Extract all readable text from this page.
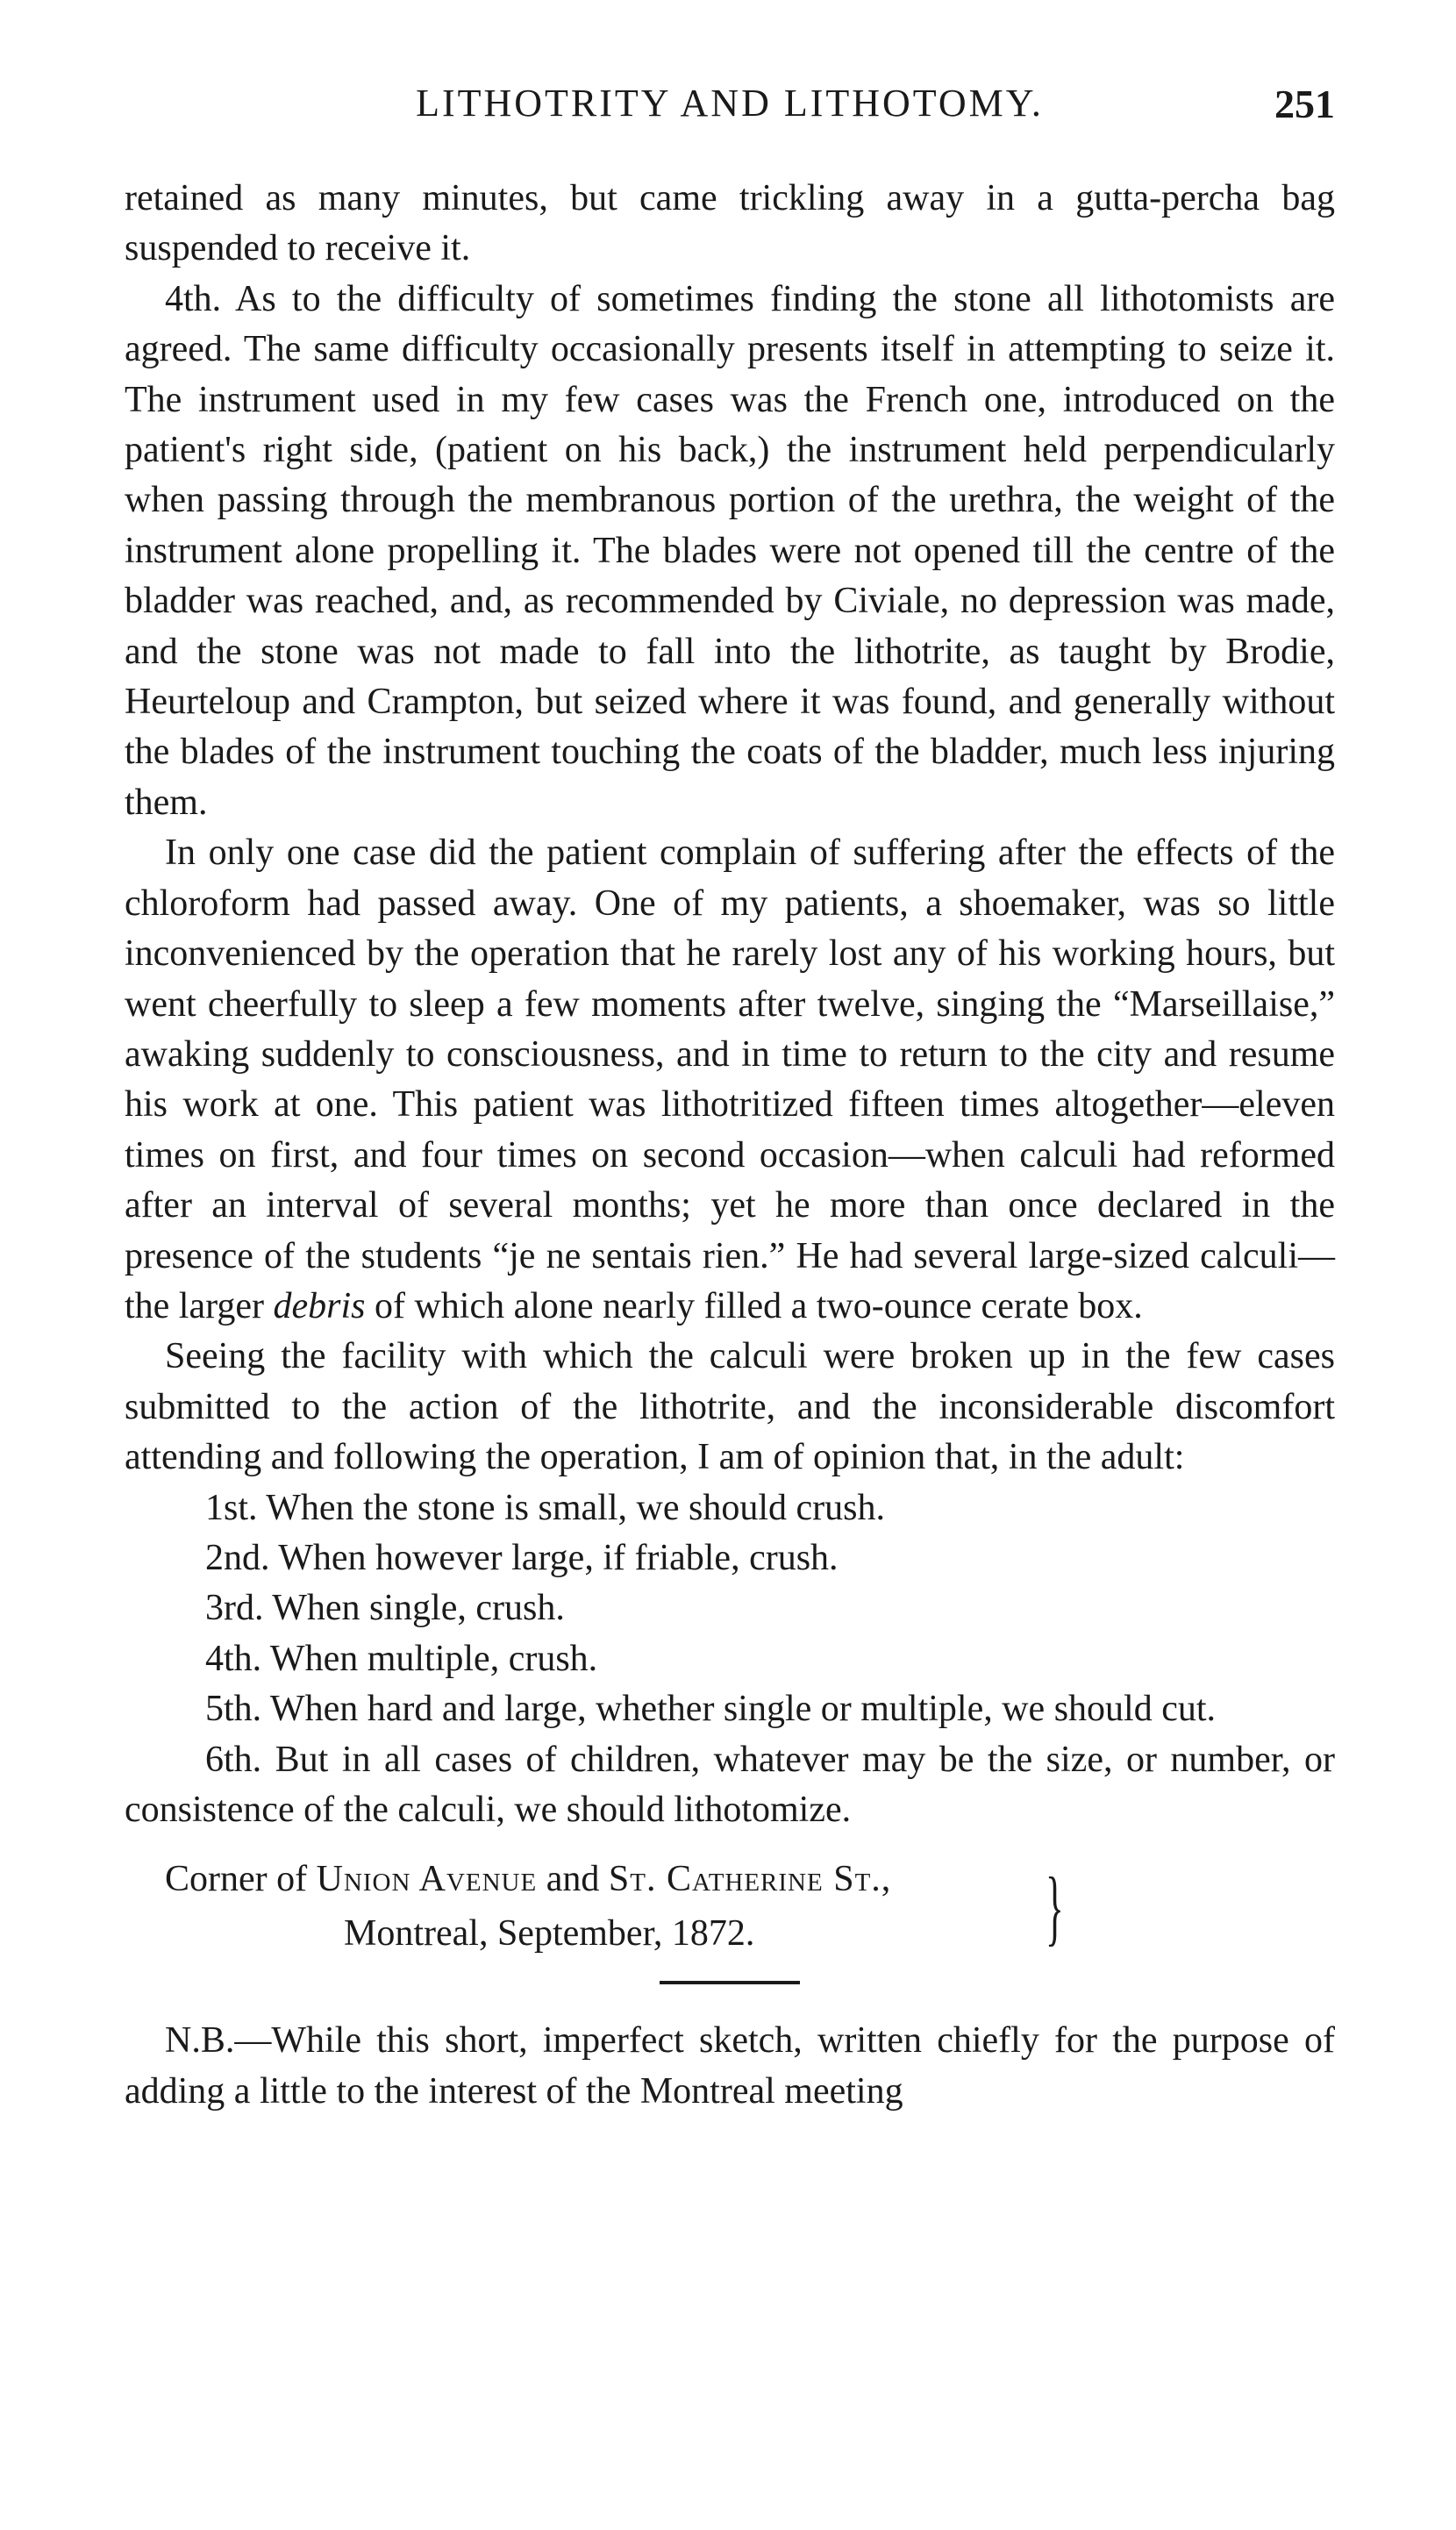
LITHOTRITY AND LITHOTOMY.	251

retained as many minutes, but came trickling away in a gutta-percha bag suspended to receive it.

4th. As to the difficulty of sometimes finding the stone all lithotomists are agreed. The same difficulty occasionally presents itself in attempting to seize it. The instrument used in my few cases was the French one, introduced on the patient's right side, (patient on his back,) the instrument held perpendicularly when passing through the membranous portion of the urethra, the weight of the instrument alone propelling it. The blades were not opened till the centre of the bladder was reached, and, as recommended by Civiale, no depression was made, and the stone was not made to fall into the lithotrite, as taught by Brodie, Heurteloup and Crampton, but seized where it was found, and generally without the blades of the instrument touching the coats of the bladder, much less injuring them.

In only one case did the patient complain of suffering after the effects of the chloroform had passed away. One of my patients, a shoemaker, was so little inconvenienced by the operation that he rarely lost any of his working hours, but went cheerfully to sleep a few moments after twelve, singing the “Marseillaise,” awaking suddenly to consciousness, and in time to return to the city and resume his work at one. This patient was lithotritized fifteen times altogether—eleven times on first, and four times on second occasion—when calculi had reformed after an interval of several months; yet he more than once declared in the presence of the students “je ne sentais rien.” He had several large-sized calculi—the larger debris of which alone nearly filled a two-ounce cerate box.

Seeing the facility with which the calculi were broken up in the few cases submitted to the action of the lithotrite, and the inconsiderable discomfort attending and following the operation, I am of opinion that, in the adult:

1st. When the stone is small, we should crush.

2nd. When however large, if friable, crush.

3rd. When single, crush.

4th. When multiple, crush.

5th. When hard and large, whether single or multiple, we should cut.

6th. But in all cases of children, whatever may be the size, or number, or consistence of the calculi, we should lithotomize.

Corner of Union Avenue and St. Catherine St.,
Montreal, September, 1872.	}

N.B.—While this short, imperfect sketch, written chiefly for the purpose of adding a little to the interest of the Montreal meeting
